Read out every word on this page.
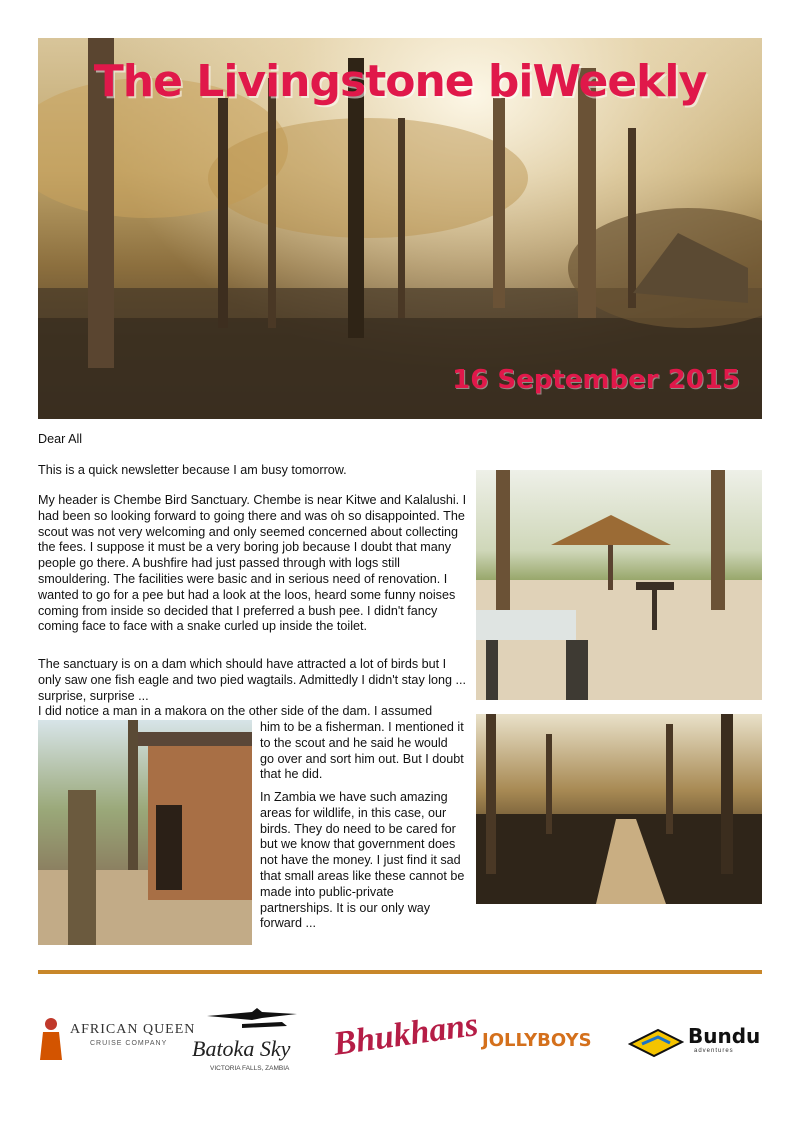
The Livingstone biWeekly
16 September 2015
Dear All
This is a quick newsletter because I am busy tomorrow.
My header is Chembe Bird Sanctuary. Chembe is near Kitwe and Kalalushi. I had been so looking forward to going there and was oh so disappointed. The scout was not very welcoming and only seemed concerned about collecting the fees. I suppose it must be a very boring job because I doubt that many people go there. A bushfire had just passed through with logs still smouldering. The facilities were basic and in serious need of renovation. I wanted to go for a pee but had a look at the loos, heard some funny noises coming from inside so decided that I preferred a bush pee. I didn't fancy coming face to face with a snake curled up inside the toilet.
The sanctuary is on a dam which should have attracted a lot of birds but I only saw one fish eagle and two pied wagtails. Admittedly I didn't stay long ... surprise, surprise ...
I did notice a man in a makora on the other side of the dam. I assumed
him to be a fisherman. I mentioned it to the scout and he said he would go over and sort him out. But I doubt that he did.
In Zambia we have such amazing areas for wildlife, in this case, our birds. They do need to be cared for but we know that government does not have the money. I just find it sad that small areas like these cannot be made into public-private partnerships. It is our only way forward ...
AFRICAN QUEEN
CRUISE COMPANY Batoka Sky
VICTORIA FALLS, ZAMBIA
Bhukhans JOLLYBOYS	Bundu
adventures
